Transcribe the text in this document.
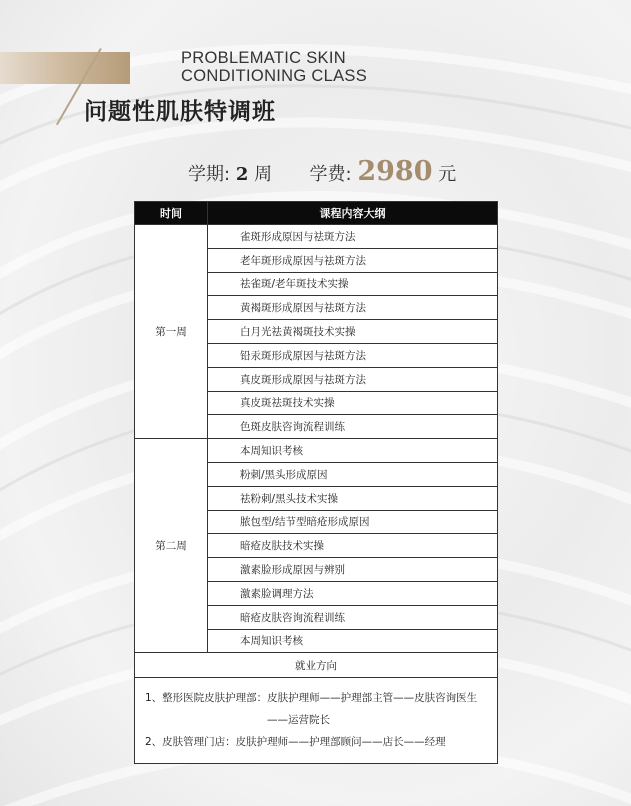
PROBLEMATIC SKIN
CONDITIONING CLASS
问题性肌肤特调班
学期: 2 周 学费: 2980 元
时间	课程内容大纲
第一周	雀斑形成原因与祛斑方法
	老年斑形成原因与祛斑方法
	祛雀斑/老年斑技术实操
	黄褐斑形成原因与祛斑方法
	白月光祛黄褐斑技术实操
	铅汞斑形成原因与祛斑方法
	真皮斑形成原因与祛斑方法
	真皮斑祛斑技术实操
	色斑皮肤咨询流程训练
第二周	本周知识考核
	粉刺/黑头形成原因
	祛粉刺/黑头技术实操
	脓包型/结节型暗疮形成原因
	暗疮皮肤技术实操
	激素脸形成原因与辨别
	激素脸调理方法
	暗疮皮肤咨询流程训练
	本周知识考核
就业方向	

1、整形医院皮肤护理部：皮肤护理师——护理部主管——皮肤咨询医生
——运营院长
2、皮肤管理门店：皮肤护理师——护理部顾问——店长——经理	
